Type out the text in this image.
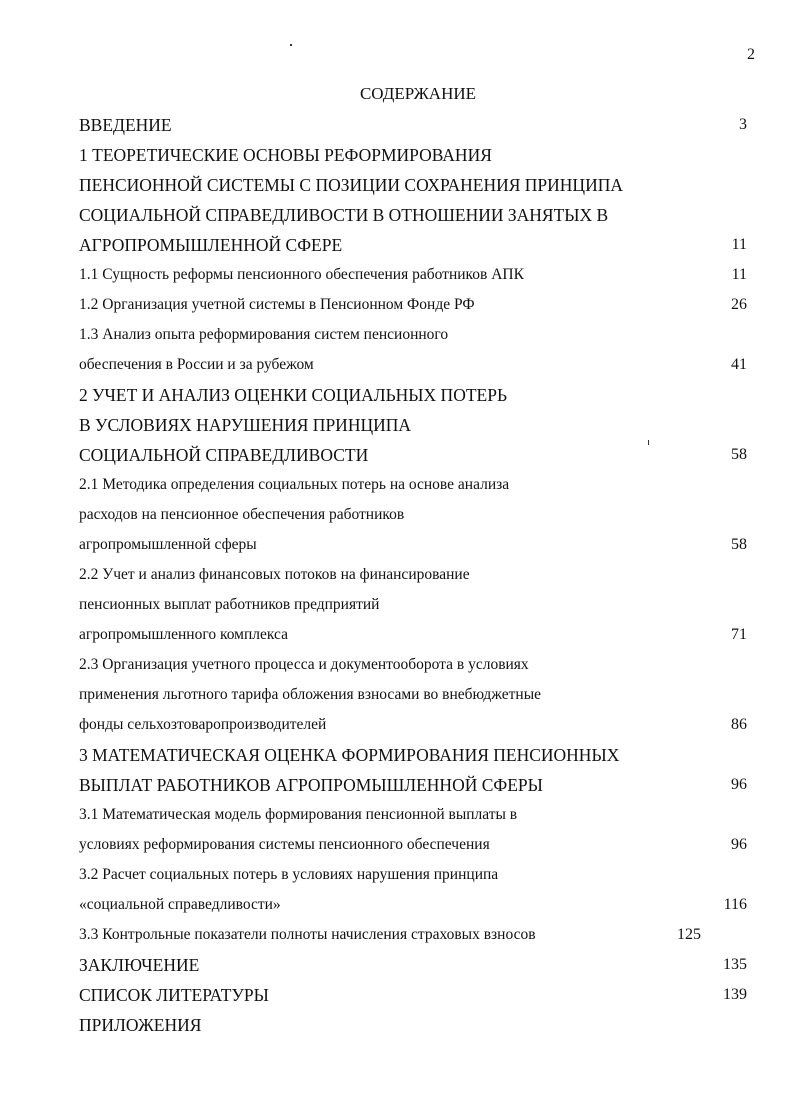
2
СОДЕРЖАНИЕ
ВВЕДЕНИЕ	3
1 ТЕОРЕТИЧЕСКИЕ ОСНОВЫ РЕФОРМИРОВАНИЯ
ПЕНСИОННОЙ СИСТЕМЫ С ПОЗИЦИИ СОХРАНЕНИЯ ПРИНЦИПА
СОЦИАЛЬНОЙ СПРАВЕДЛИВОСТИ В ОТНОШЕНИИ ЗАНЯТЫХ В
АГРОПРОМЫШЛЕННОЙ СФЕРЕ	11
1.1 Сущность реформы пенсионного обеспечения работников АПК	11
1.2 Организация учетной системы в Пенсионном Фонде РФ	26
1.3 Анализ опыта реформирования систем пенсионного
обеспечения в России и за рубежом	41
2 УЧЕТ И АНАЛИЗ ОЦЕНКИ СОЦИАЛЬНЫХ ПОТЕРЬ
В УСЛОВИЯХ НАРУШЕНИЯ ПРИНЦИПА
СОЦИАЛЬНОЙ СПРАВЕДЛИВОСТИ	58
2.1 Методика определения социальных потерь на основе анализа
расходов на пенсионное обеспечения работников
агропромышленной сферы	58
2.2 Учет и анализ финансовых потоков на финансирование
пенсионных выплат работников предприятий
агропромышленного комплекса	71
2.3 Организация учетного процесса и документооборота в условиях
применения льготного тарифа обложения взносами во внебюджетные
фонды сельхозтоваропроизводителей	86
3 МАТЕМАТИЧЕСКАЯ ОЦЕНКА ФОРМИРОВАНИЯ ПЕНСИОННЫХ
ВЫПЛАТ РАБОТНИКОВ АГРОПРОМЫШЛЕННОЙ СФЕРЫ	96
3.1 Математическая модель формирования пенсионной выплаты в
условиях реформирования системы пенсионного обеспечения	96
3.2 Расчет социальных потерь в условиях нарушения принципа
«социальной справедливости»	116
3.3 Контрольные показатели полноты начисления страховых взносов	125
ЗАКЛЮЧЕНИЕ	135
СПИСОК ЛИТЕРАТУРЫ	139
ПРИЛОЖЕНИЯ
